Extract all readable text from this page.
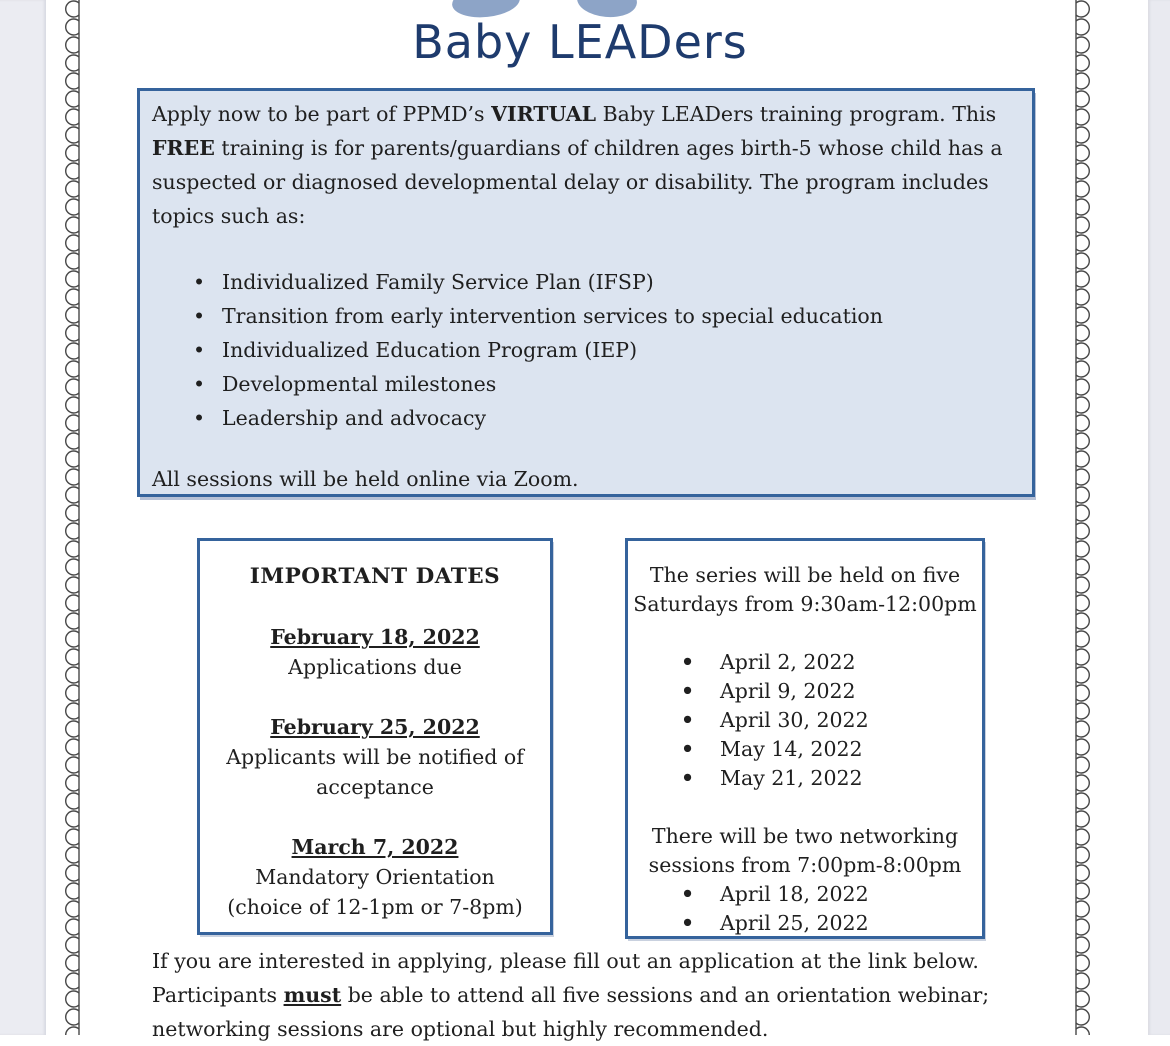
Baby LEADers

Apply now to be part of PPMD’s VIRTUAL Baby LEADers training program. This FREE training is for parents/guardians of children ages birth-5 whose child has a suspected or diagnosed developmental delay or disability. The program includes topics such as:

• Individualized Family Service Plan (IFSP)
• Transition from early intervention services to special education
• Individualized Education Program (IEP)
• Developmental milestones
• Leadership and advocacy
All sessions will be held online via Zoom.
IMPORTANT DATES
February 18, 2022
Applications due
February 25, 2022
Applicants will be notified of
acceptance
March 7, 2022
Mandatory Orientation
(choice of 12-1pm or 7-8pm)
The series will be held on five
Saturdays from 9:30am-12:00pm
• April 2, 2022
• April 9, 2022
• April 30, 2022
• May 14, 2022
• May 21, 2022
There will be two networking
sessions from 7:00pm-8:00pm
• April 18, 2022
• April 25, 2022
If you are interested in applying, please fill out an application at the link below.
Participants must be able to attend all five sessions and an orientation webinar;
networking sessions are optional but highly recommended.
